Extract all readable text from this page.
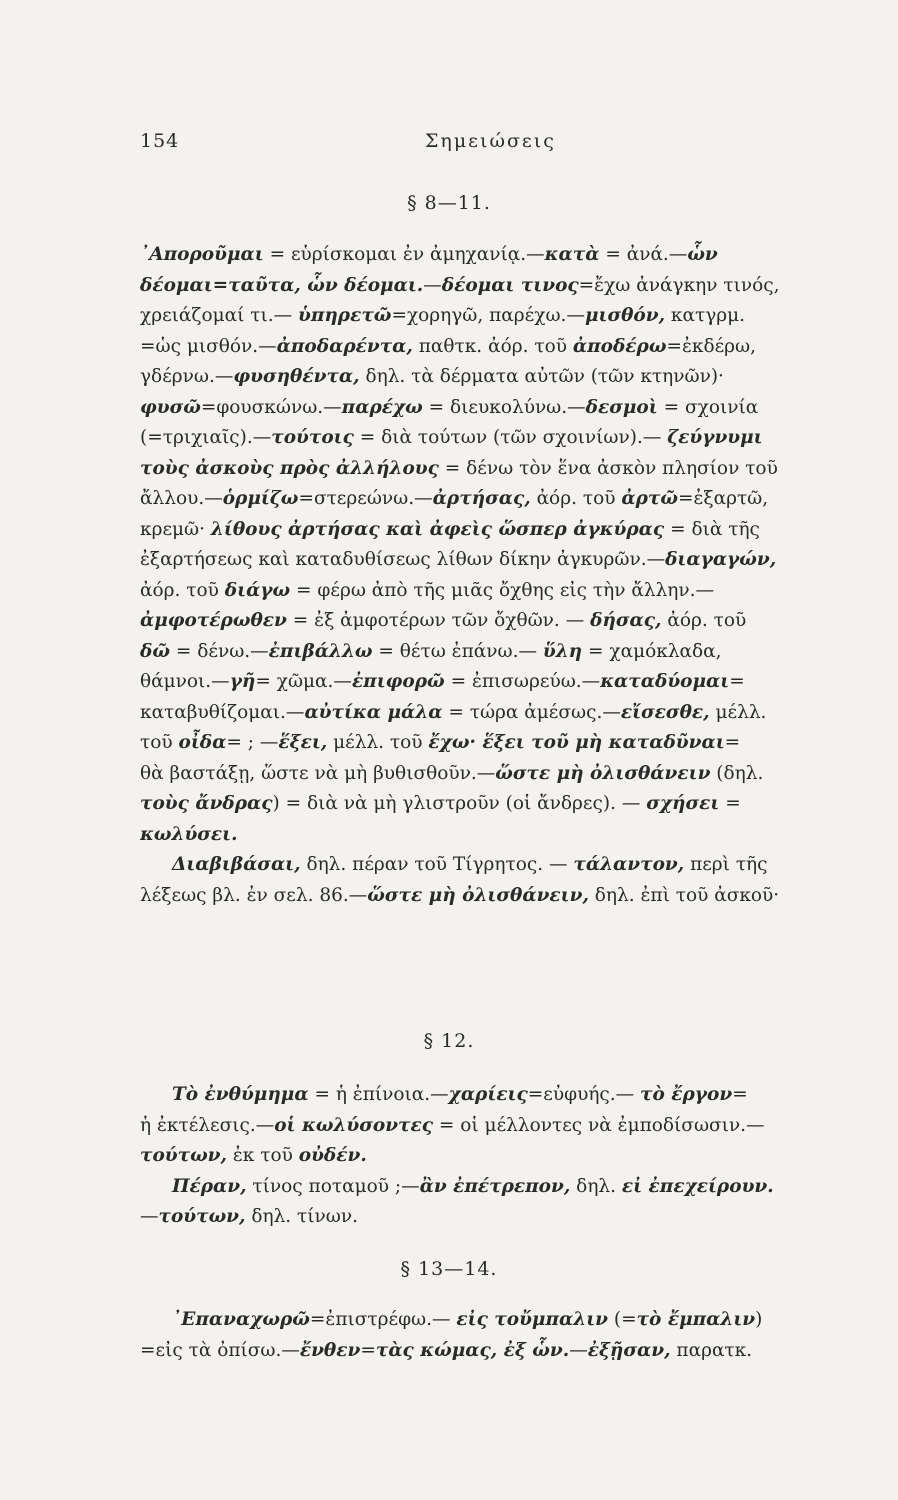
154	Σημειώσεις
§ 8—11.
᾿Απορoῦμαι = εὑρίσκομαι ἐν ἀμηχανίᾳ.—κατὰ = ἀνά.—ὧν
δέομαι=ταῦτα, ὧν δέομαι.—δέομαι τινος=ἔχω ἀνάγκην τινός,
χρειάζομαί τι.— ὑπηρετῶ=χορηγῶ, παρέχω.—μισθόν, κατγρμ.
=ὡς μισθόν.—ἀποδαρέντα, παθτκ. ἀόρ. τοῦ ἀποδέρω=ἐκδέρω,
γδέρνω.—φυσηθέντα, δηλ. τὰ δέρματα αὐτῶν (τῶν κτηνῶν)·
φυσῶ=φουσκώνω.—παρέχω = διευκολύνω.—δεσμοὶ = σχοινία
(=τριχιαῖς).—τούτοις = διὰ τούτων (τῶν σχοινίων).— ζεύγνυμι
τοὺς ἀσκοὺς πρὸς ἀλλήλους = δένω τὸν ἕνα ἀσκὸν πλησίον τοῦ
ἄλλου.—ὁρμίζω=στερεώνω.—ἀρτήσας, ἀόρ. τοῦ ἀρτῶ=ἐξαρτῶ,
κρεμῶ· λίθους ἀρτήσας καὶ ἀφεὶς ὥσπερ ἀγκύρας = διὰ τῆς
ἐξαρτήσεως καὶ καταδυθίσεως λίθων δίκην ἀγκυρῶν.—διαγαγών,
ἀόρ. τοῦ διάγω = φέρω ἀπὸ τῆς μιᾶς ὄχθης εἰς τὴν ἄλλην.—
ἀμφοτέρωθεν = ἐξ ἀμφοτέρων τῶν ὄχθῶν. — δήσας, ἀόρ. τοῦ
δῶ = δένω.—ἐπιβάλλω = θέτω ἐπάνω.— ὕλη = χαμόκλαδα,
θάμνοι.—γῆ= χῶμα.—ἐπιφορῶ = ἐπισωρεύω.—καταδύομαι=
καταβυθίζομαι.—αὐτίκα μάλα = τώρα ἀμέσως.—εἴσεσθε, μέλλ.
τοῦ οἶδα= ; —ἕξει, μέλλ. τοῦ ἔχω· ἕξει τοῦ μὴ καταδῦναι=
θὰ βαστάξῃ, ὥστε νὰ μὴ βυθισθοῦν.—ὥστε μὴ ὀλισθάνειν (δηλ.
τοὺς ἄνδρας) = διὰ νὰ μὴ γλιστροῦν (οἱ ἄνδρες). — σχήσει =
κωλύσει.
Διαβιβάσαι, δηλ. πέραν τοῦ Τίγρητος. — τάλαντον, περὶ τῆς
λέξεως βλ. ἐν σελ. 86.—ὥστε μὴ ὀλισθάνειν, δηλ. ἐπὶ τοῦ ἀσκοῦ·
§ 12.
Τὸ ἐνθύμημα = ἡ ἐπίνοια.—χαρίεις=εὐφυής.— τὸ ἔργον=
ἡ ἐκτέλεσις.—οἱ κωλύσοντες = οἱ μέλλοντες νὰ ἐμποδίσωσιν.—
τούτων, ἐκ τοῦ οὐδέν.
Πέραν, τίνος ποταμοῦ ;—ἂν ἐπέτρεπον, δηλ. εἰ ἐπεχείρουν.
—τούτων, δηλ. τίνων.
§ 13—14.
᾿Επαναχωρῶ=ἐπιστρέφω.— εἰς τοὔμπαλιν (=τὸ ἔμπαλιν)
=εἰς τὰ ὀπίσω.—ἔνθεν=τὰς κώμας, ἐξ ὧν.—ἐξῇσαν, παρατκ.
